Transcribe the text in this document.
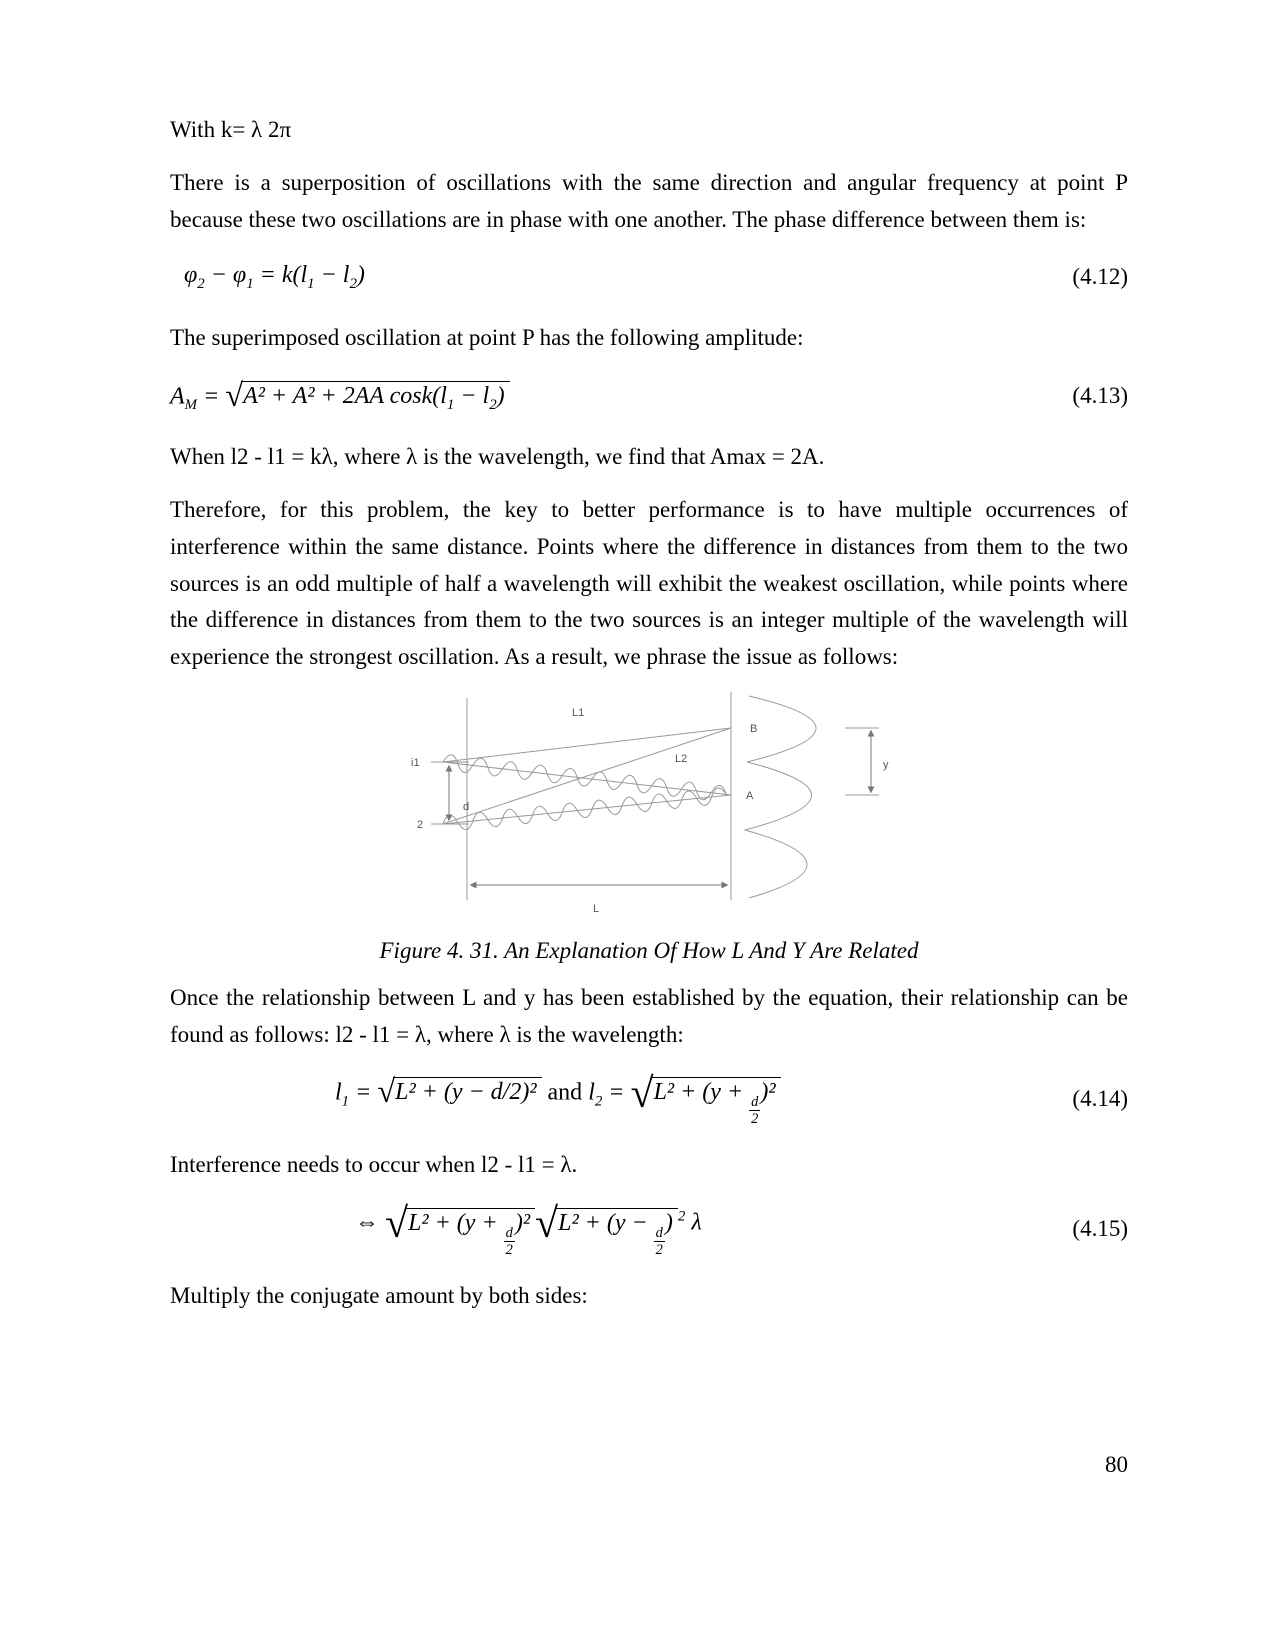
With k= λ 2π

There is a superposition of oscillations with the same direction and angular frequency at point P because these two oscillations are in phase with one another. The phase difference between them is:

$\varphi_2 - \varphi_1 = k(l_1 - l_2)$	(4.12)

The superimposed oscillation at point P has the following amplitude:

$A_M = √A^2 + A^2 + 2AA$ $\cos k(l_1 - l_2)$	(4.13)

When l2 - l1 = kλ, where λ is the wavelength, we find that Amax = 2A.

Therefore, for this problem, the key to better performance is to have multiple occurrences of interference within the same distance. Points where the difference in distances from them to the two sources is an odd multiple of half a wavelength will exhibit the weakest oscillation, while points where the difference in distances from them to the two sources is an integer multiple of the wavelength will experience the strongest oscillation. As a result, we phrase the issue as follows:

L1
L2
B
A
d
y
L
i1
2

Figure 4. 31. An Explanation Of How L And Y Are Related

Once the relationship between L and y has been established by the equation, their relationship can be found as follows: l2 - l1 = λ, where λ is the wavelength:

$l_1 = √L^2 + (y - d/2)^2$ and $l_2 = √L^2 + (y$ +
$\frac{d}{2}$
)²	(4.14)

Interference needs to occur when l2 - l1 = λ.

⇔ √L² + (y +
$\frac{d}{2}$
)² √L² + (y −
$\frac{d}{2}$
) $^2$ λ	(4.15)

Multiply the conjugate amount by both sides:

80
